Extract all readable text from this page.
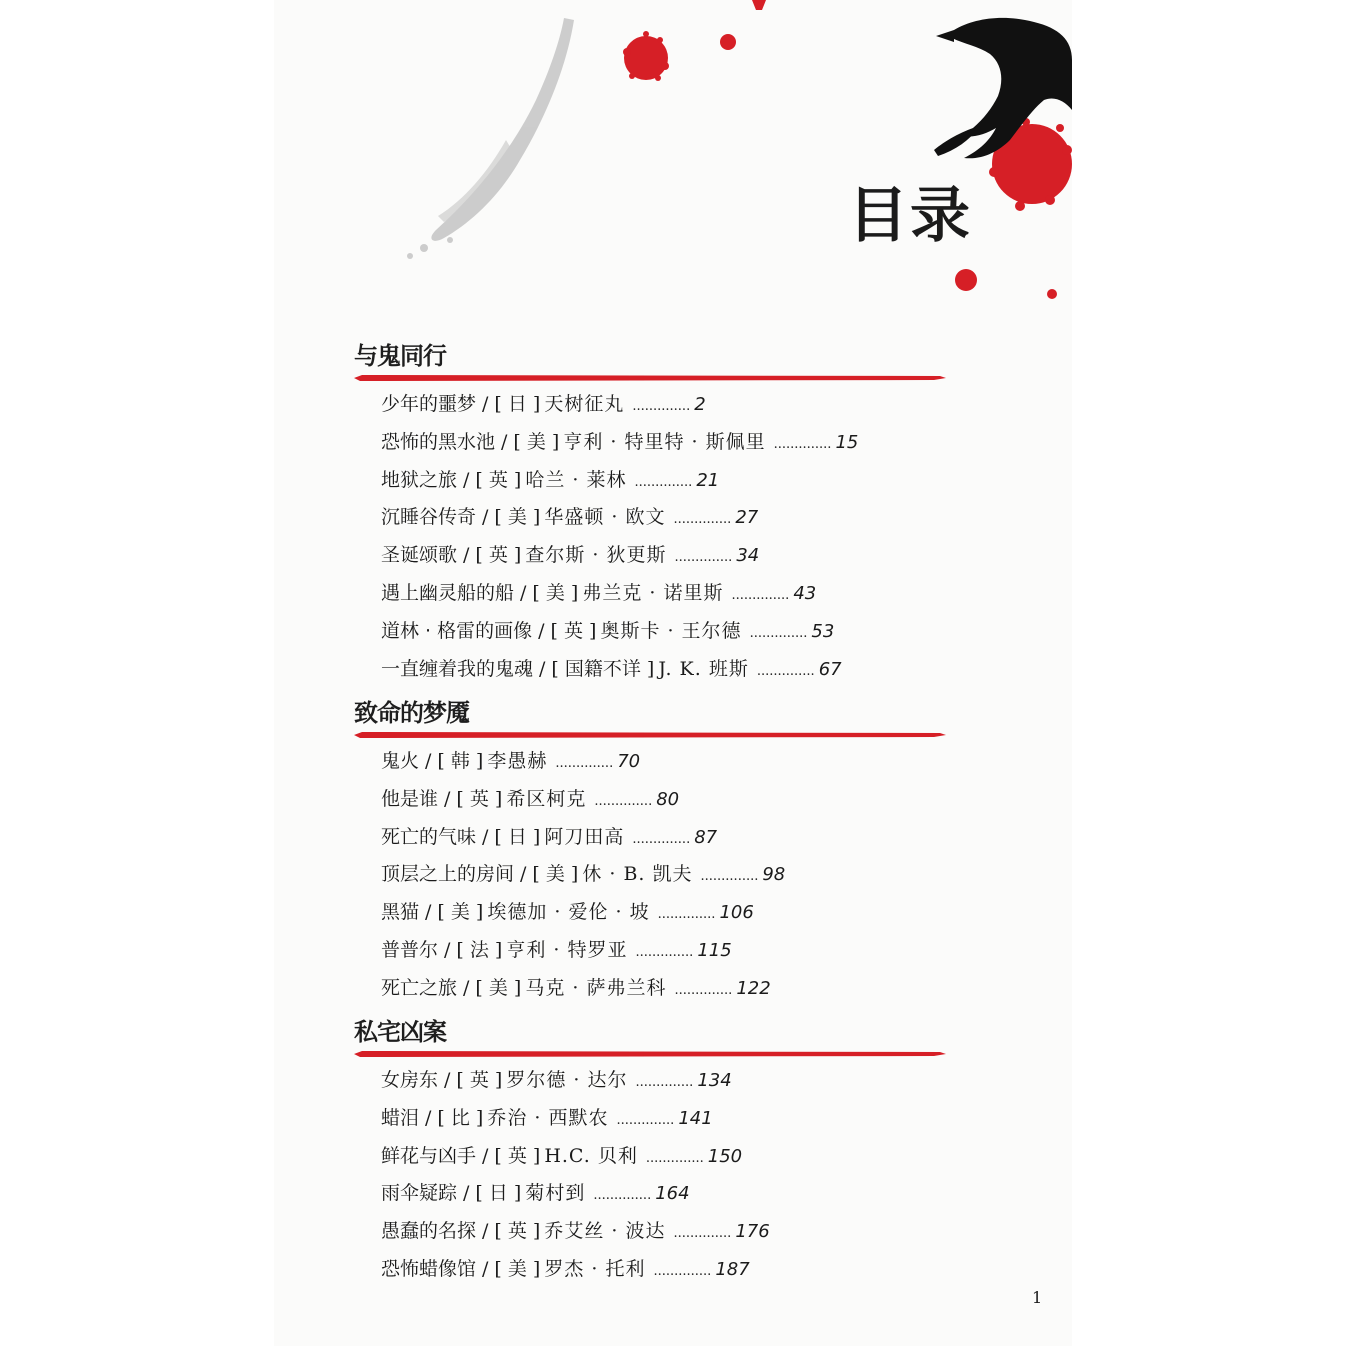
目录
与鬼同行
少年的噩梦 / [ 日 ] 天树征丸 .............. 2
恐怖的黑水池 / [ 美 ] 亨利 · 特里特 · 斯佩里 .............. 15
地狱之旅 / [ 英 ] 哈兰 · 莱林 .............. 21
沉睡谷传奇 / [ 美 ] 华盛顿 · 欧文 .............. 27
圣诞颂歌 / [ 英 ] 查尔斯 · 狄更斯 .............. 34
遇上幽灵船的船 / [ 美 ] 弗兰克 · 诺里斯 .............. 43
道林 · 格雷的画像 / [ 英 ] 奥斯卡 · 王尔德 .............. 53
一直缠着我的鬼魂 / [ 国籍不详 ] J. K. 班斯 .............. 67
致命的梦魇
鬼火 / [ 韩 ] 李愚赫 .............. 70
他是谁 / [ 英 ] 希区柯克 .............. 80
死亡的气味 / [ 日 ] 阿刀田高 .............. 87
顶层之上的房间 / [ 美 ] 休 · B. 凯夫 .............. 98
黑猫 / [ 美 ] 埃德加 · 爱伦 · 坡 .............. 106
普普尔 / [ 法 ] 亨利 · 特罗亚 .............. 115
死亡之旅 / [ 美 ] 马克 · 萨弗兰科 .............. 122
私宅凶案
女房东 / [ 英 ] 罗尔德 · 达尔 .............. 134
蜡泪 / [ 比 ] 乔治 · 西默农 .............. 141
鲜花与凶手 / [ 英 ] H.C. 贝利 .............. 150
雨伞疑踪 / [ 日 ] 菊村到 .............. 164
愚蠢的名探 / [ 英 ] 乔艾丝 · 波达 .............. 176
恐怖蜡像馆 / [ 美 ] 罗杰 · 托利 .............. 187
1
